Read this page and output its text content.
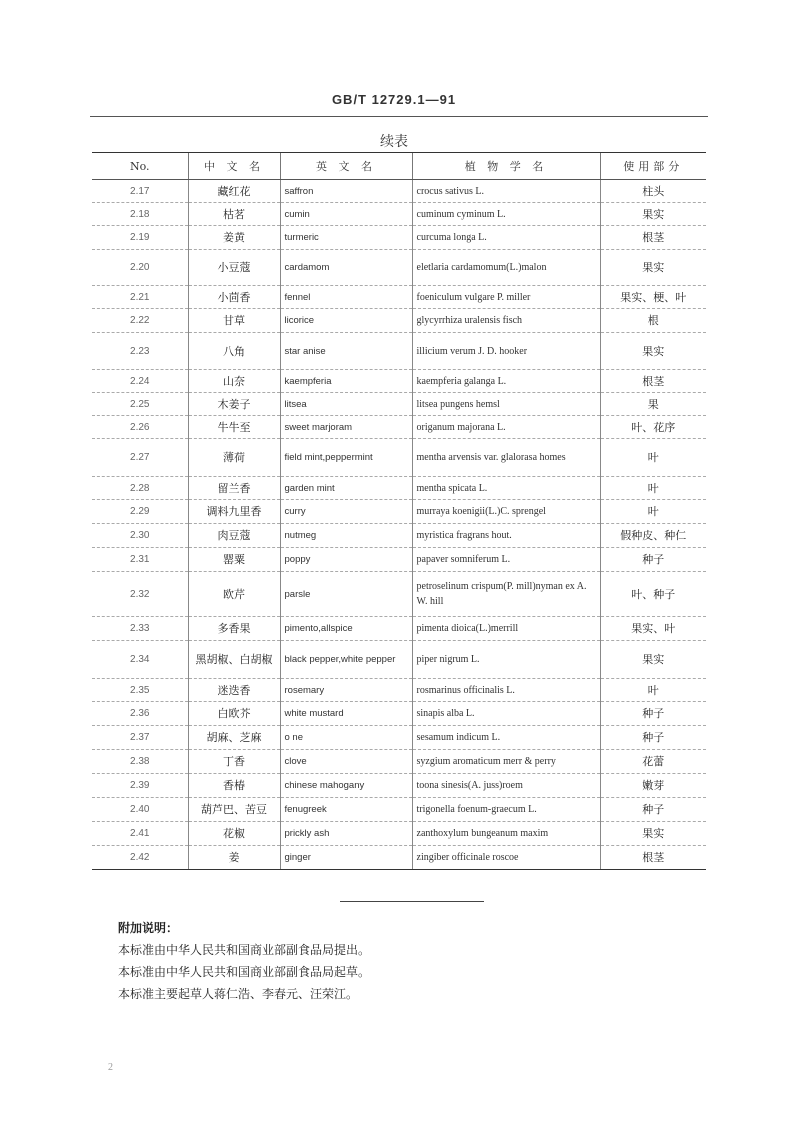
GB/T 12729.1—91
续表
No.	中 文 名	英 文 名	植 物 学 名	使用部分
2.17	藏红花	saffron	crocus sativus L.	柱头
2.18	枯茗	cumin	cuminum cyminum L.	果实
2.19	姜黄	turmeric	curcuma longa L.	根茎
2.20	小豆蔻	cardamom	eletlaria cardamomum(L.)malon	果实
2.21	小茴香	fennel	foeniculum vulgare P. miller	果实、梗、叶
2.22	甘草	licorice	glycyrrhiza uralensis fisch	根
2.23	八角	star anise	illicium verum J. D. hooker	果实
2.24	山奈	kaempferia	kaempferia galanga L.	根茎
2.25	木姜子	litsea	litsea pungens hemsl	果
2.26	牛牛至	sweet marjoram	origanum majorana L.	叶、花序
2.27	薄荷	field mint,peppermint	mentha arvensis var. glalorasa homes	叶
2.28	留兰香	garden mint	mentha spicata L.	叶
2.29	调料九里香	curry	murraya koenigii(L.)C. sprengel	叶
2.30	肉豆蔻	nutmeg	myristica fragrans hout.	假种皮、种仁
2.31	罂粟	poppy	papaver somniferum L.	种子
2.32	欧芹	parsle	petroselinum crispum(P. mill)nyman ex A. W. hill	叶、种子
2.33	多香果	pimento,allspice	pimenta dioica(L.)merrill	果实、叶
2.34	黑胡椒、白胡椒	black pepper,white pepper	piper nigrum L.	果实
2.35	迷迭香	rosemary	rosmarinus officinalis L.	叶
2.36	白欧芥	white mustard	sinapis alba L.	种子
2.37	胡麻、芝麻	o ne	sesamum indicum L.	种子
2.38	丁香	clove	syzgium aromaticum merr & perry	花蕾
2.39	香椿	chinese mahogany	toona sinesis(A. juss)roem	嫩芽
2.40	葫芦巴、苦豆	fenugreek	trigonella foenum-graecum L.	种子
2.41	花椒	prickly ash	zanthoxylum bungeanum maxim	果实
2.42	姜	ginger	zingiber officinale roscoe	根茎
附加说明：
本标准由中华人民共和国商业部副食品局提出。
本标准由中华人民共和国商业部副食品局起草。
本标准主要起草人蒋仁浩、李春元、汪荣江。
2
